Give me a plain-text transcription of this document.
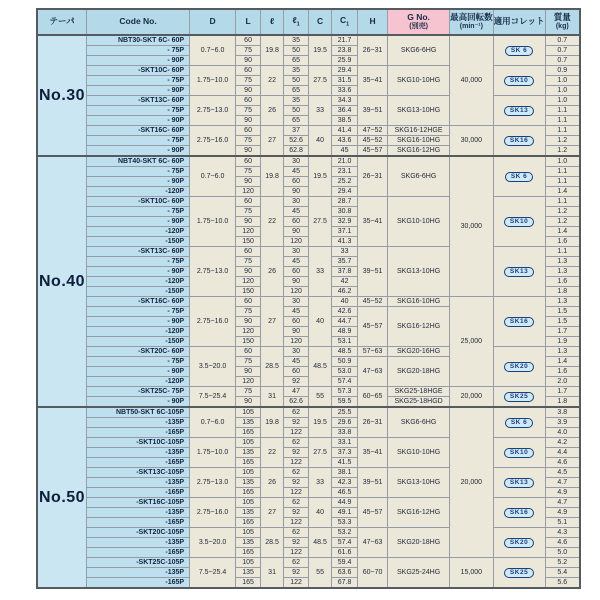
テーパ	Code No.	D	L	ℓ	ℓ$_1$	C	$C_1$	H	G No.
(別売)

最高回転数
(min⁻¹)
	適用コレット	質量
(kg)

No.30	NBT30-SKT 6C- 60P	0.7~6.0	60	19.8	35	19.5	21.7	26~31	SKG6-6HG	40,000	SK 6	0.7
	- 75P		75		50		23.8					0.7
	- 90P		90		65		25.9					0.7
	-SKT10C- 60P	1.75~10.0	60	22	35	27.5	29.4	35~41	SKG10-10HG		SK10	0.9
	- 75P		75		50		31.5					1.0
	- 90P		90		65		33.6					1.0
	-SKT13C- 60P	2.75~13.0	60	26	35	33	34.3	39~51	SKG13-10HG		SK13	1.0
	- 75P		75		50		36.4					1.1
	- 90P		90		65		38.5					1.1
	-SKT16C- 60P	2.75~16.0	60	27	37	40	41.4	47~52	SKG16-12HGE	30,000	SK16	1.1
	- 75P		75		52.6		43.6	45~52	SKG16-10HG			1.2
	- 90P		90		62.8		45	45~57	SKG16-12HG			1.2
No.40	NBT40-SKT 6C- 60P	0.7~6.0	60	19.8	30	19.5	21.0	26~31	SKG6-6HG	30,000	SK 6	1.0
	- 75P		75		45		23.1					1.1
	- 90P		90		60		25.2					1.1
	-120P		120		90		29.4					1.4
	-SKT10C- 60P	1.75~10.0	60	22	30	27.5	28.7	35~41	SKG10-10HG		SK10	1.1
	- 75P		75		45		30.8					1.2
	- 90P		90		60		32.9					1.2
	-120P		120		90		37.1					1.4
	-150P		150		120		41.3					1.6
	-SKT13C- 60P	2.75~13.0	60	26	30	33	33	39~51	SKG13-10HG		SK13	1.1
	- 75P		75		45		35.7					1.3
	- 90P		90		60		37.8					1.3
	-120P		120		90		42					1.6
	-150P		150		120		46.2					1.8
	-SKT16C- 60P	2.75~16.0	60	27	30	40	40	45~52	SKG16-10HG	25,000	SK16	1.3
	- 75P		75		45		42.6	45~57	SKG16-12HG			1.5
	- 90P		90		60		44.7					1.5
	-120P		120		90		48.9					1.7
	-150P		150		120		53.1					1.9
	-SKT20C- 60P	3.5~20.0	60	28.5	30	48.5	48.5	57~63	SKG20-16HG		SK20	1.3
	- 75P		75		45		50.9	47~63	SKG20-18HG			1.4
	- 90P		90		60		53.0					1.6
	-120P		120		92		57.4					2.0
	-SKT25C- 75P	7.5~25.4	75	31	47	55	57.3	60~65	SKG25-18HGE	20,000	SK25	1.7
	- 90P		90		62.6		59.5		SKG25-18HGD			1.8
No.50	NBT50-SKT 6C-105P	0.7~6.0	105	19.8	62	19.5	25.5	26~31	SKG6-6HG	20,000	SK 6	3.8
	-135P		135		92		29.6					3.9
	-165P		165		122		33.8					4.0
	-SKT10C-105P	1.75~10.0	105	22	62	27.5	33.1	35~41	SKG10-10HG		SK10	4.2
	-135P		135		92		37.3					4.4
	-165P		165		122		41.5					4.6
	-SKT13C-105P	2.75~13.0	105	26	62	33	38.1	39~51	SKG13-10HG		SK13	4.5
	-135P		135		92		42.3					4.7
	-165P		165		122		46.5					4.9
	-SKT16C-105P	2.75~16.0	105	27	62	40	44.9	45~57	SKG16-12HG		SK16	4.7
	-135P		135		92		49.1					4.9
	-165P		165		122		53.3					5.1
	-SKT20C-105P	3.5~20.0	105	28.5	62	48.5	53.2	47~63	SKG20-18HG		SK20	4.3
	-135P		135		92		57.4					4.6
	-165P		165		122		61.6					5.0
	-SKT25C-105P	7.5~25.4	105	31	62	55	59.4	60~70	SKG25-24HG	15,000	SK25	5.2
	-135P		135		92		63.6					5.4
	-165P		165		122		67.8					5.6
